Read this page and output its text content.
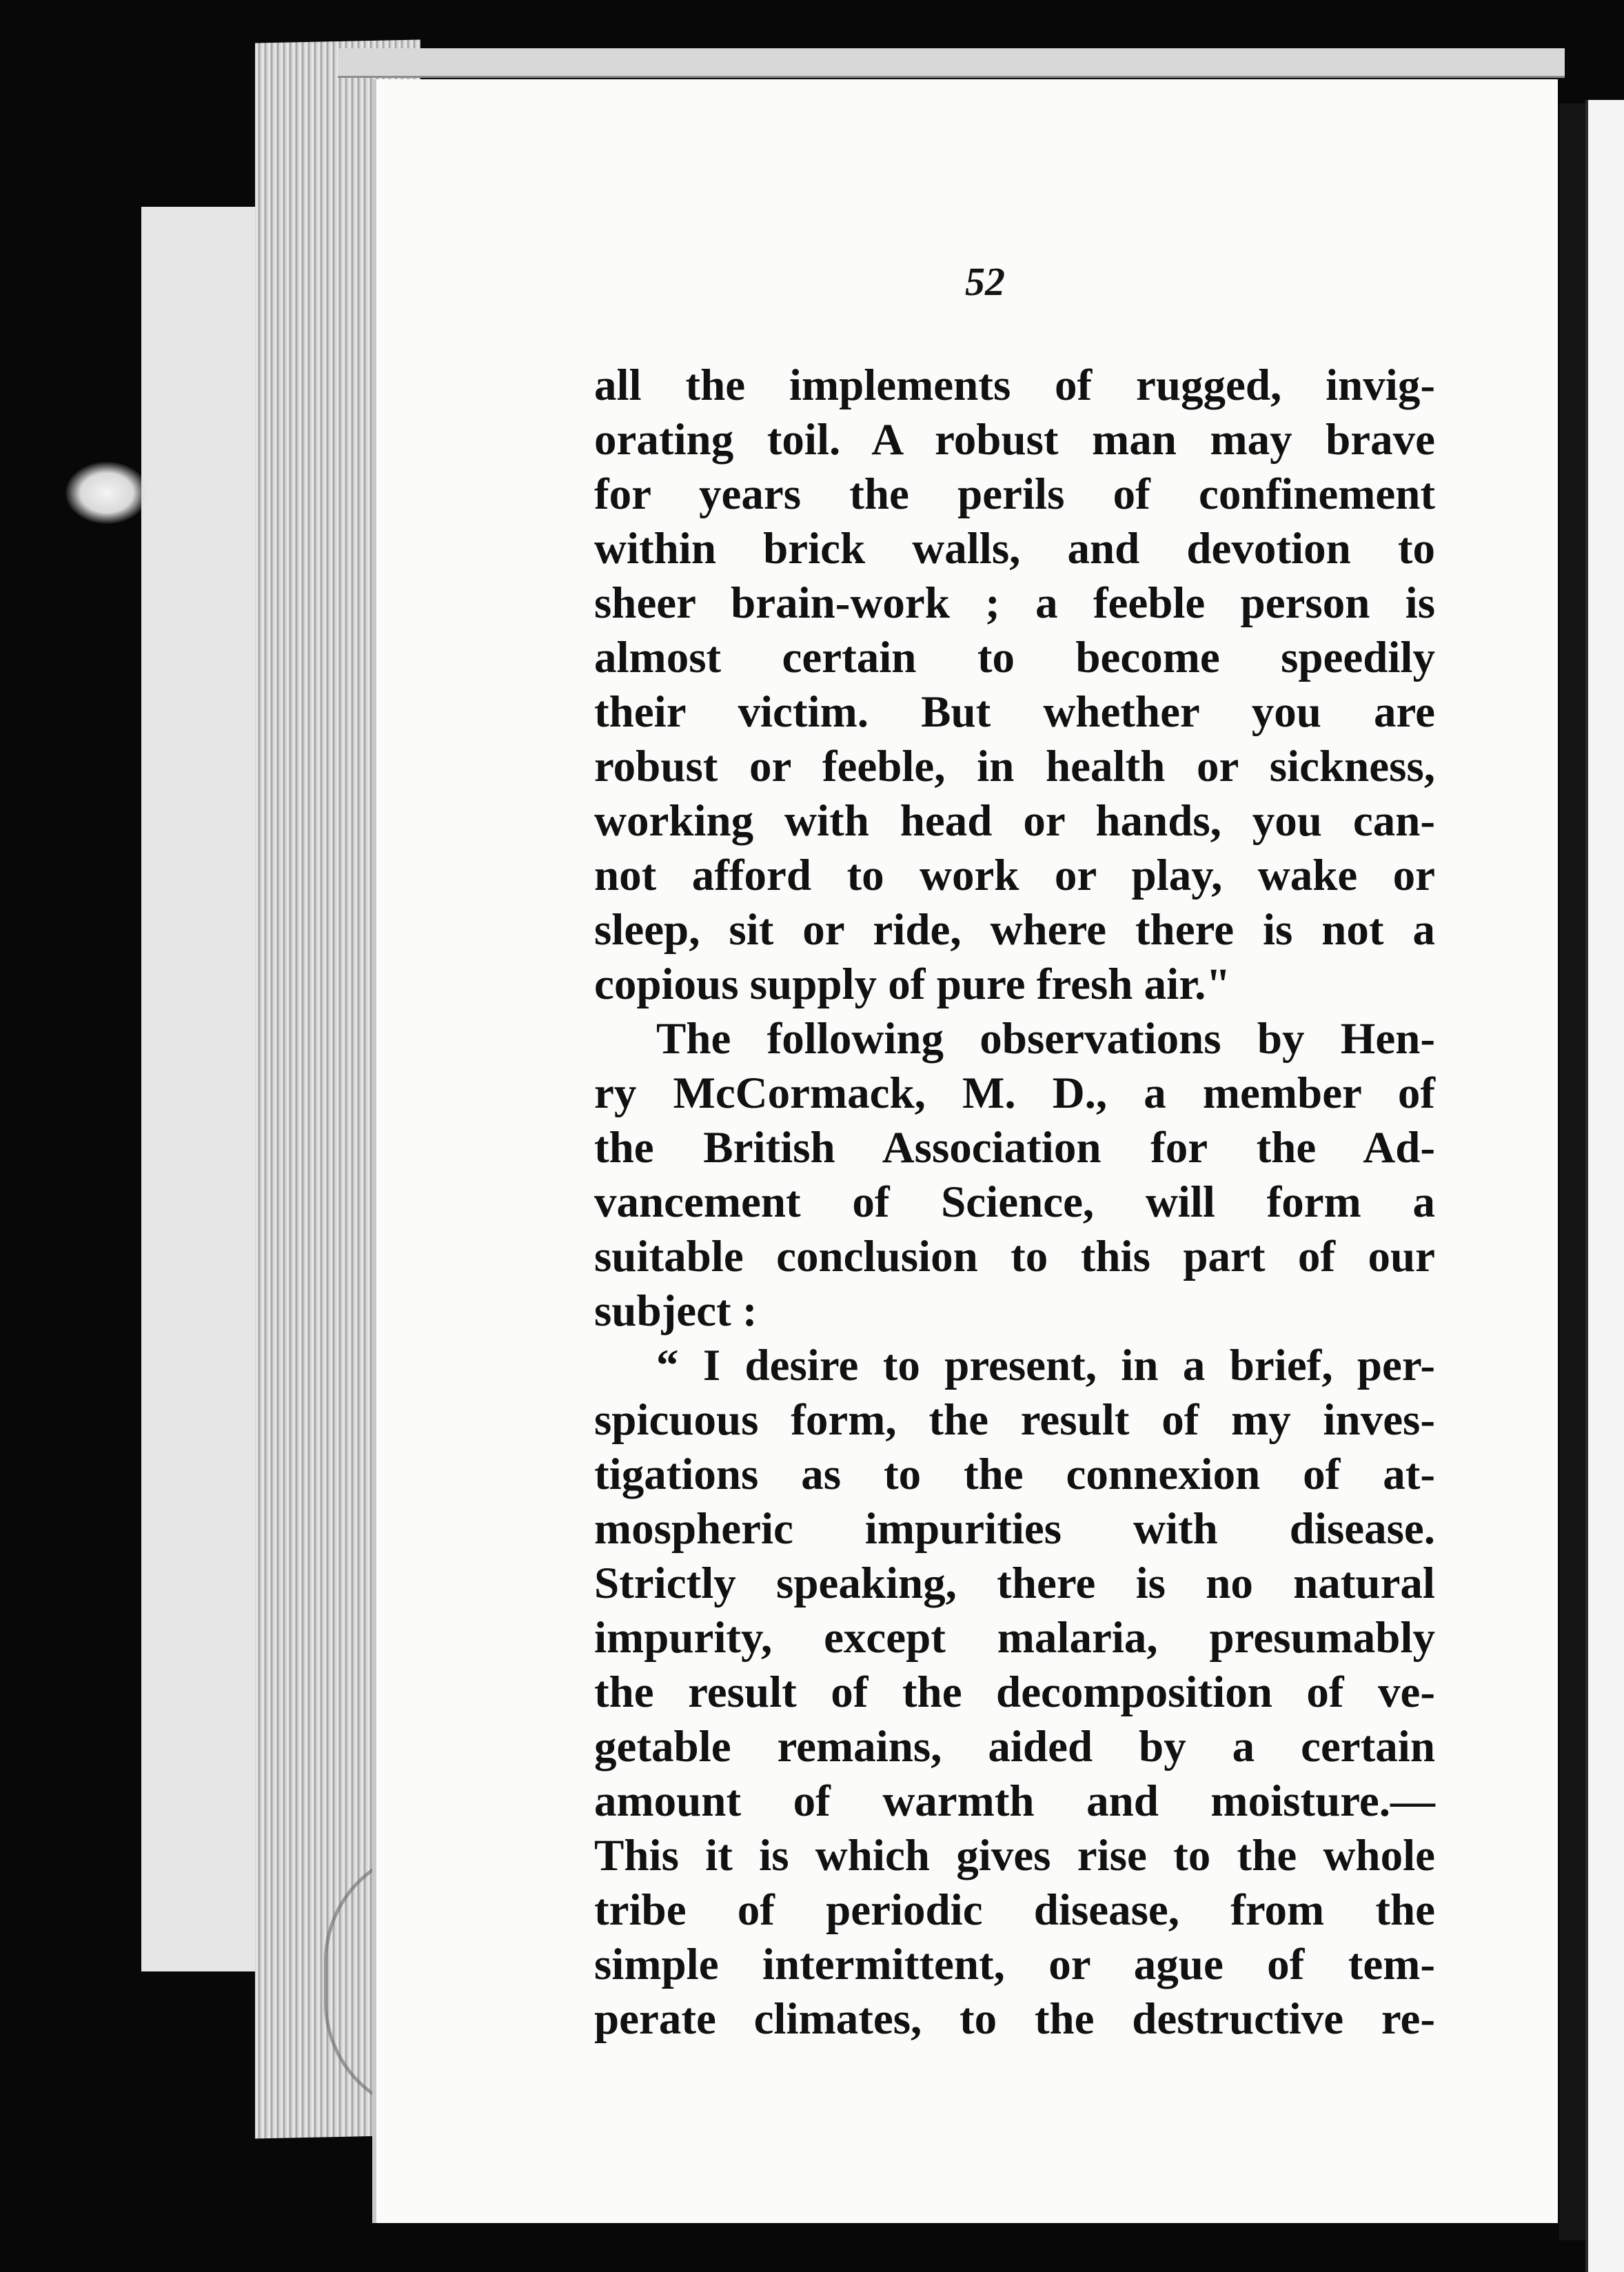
52
all the implements of rugged, invig-
orating toil. A robust man may brave
for years the perils of confinement
within brick walls, and devotion to
sheer brain-work ; a feeble person is
almost certain to become speedily
their victim. But whether you are
robust or feeble, in health or sickness,
working with head or hands, you can-
not afford to work or play, wake or
sleep, sit or ride, where there is not a
copious supply of pure fresh air."
The following observations by Hen-
ry McCormack, M. D., a member of
the British Association for the Ad-
vancement of Science, will form a
suitable conclusion to this part of our
subject :
“ I desire to present, in a brief, per-
spicuous form, the result of my inves-
tigations as to the connexion of at-
mospheric impurities with disease.
Strictly speaking, there is no natural
impurity, except malaria, presumably
the result of the decomposition of ve-
getable remains, aided by a certain
amount of warmth and moisture.—
This it is which gives rise to the whole
tribe of periodic disease, from the
simple intermittent, or ague of tem-
perate climates, to the destructive re-
